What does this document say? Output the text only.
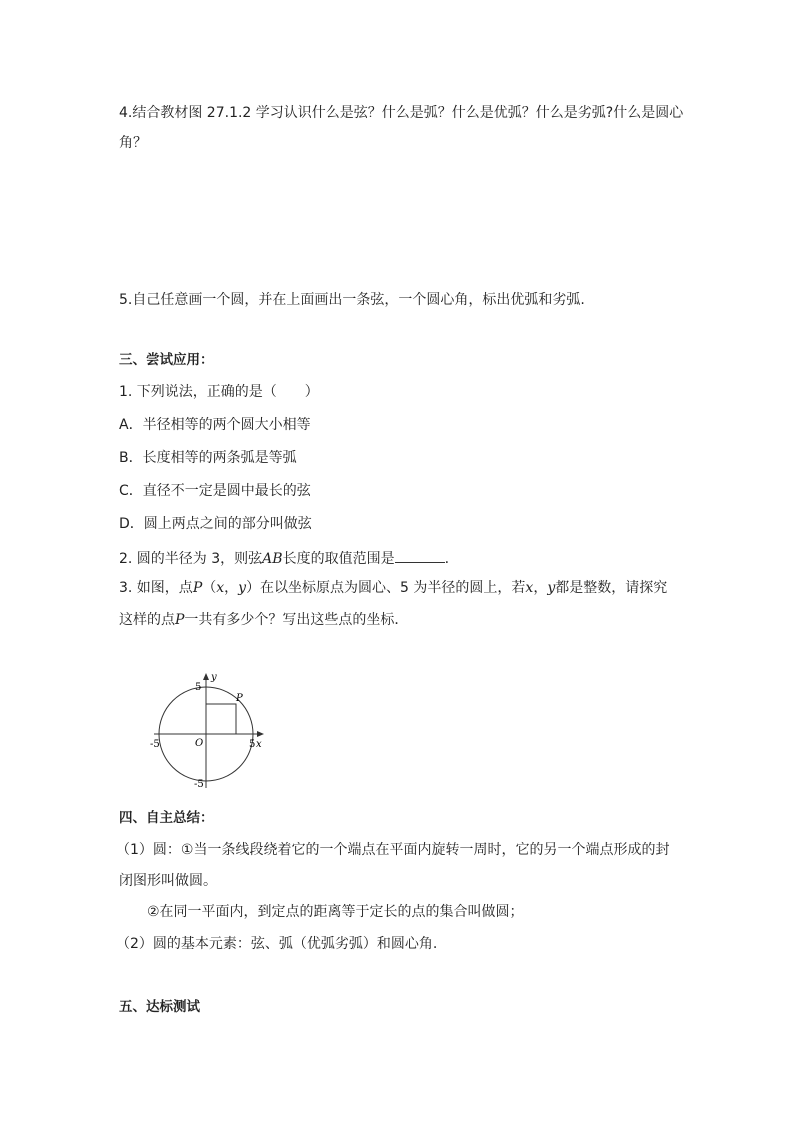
4.结合教材图 27.1.2 学习认识什么是弦？什么是弧？什么是优弧？什么是劣弧?什么是圆心
角？
5.自己任意画一个圆，并在上面画出一条弦，一个圆心角，标出优弧和劣弧.
三、尝试应用：
1. 下列说法，正确的是（　　）
A．半径相等的两个圆大小相等
B．长度相等的两条弧是等弧
C．直径不一定是圆中最长的弦
D．圆上两点之间的部分叫做弦
2. 圆的半径为 3，则弦AB长度的取值范围是	.
3. 如图，点P（x，y）在以坐标原点为圆心、5 为半径的圆上，若x，y都是整数，请探究
这样的点P一共有多少个？写出这些点的坐标．
y
x
O
P
5
-5
-5	5
四、自主总结：
（1）圆：①当一条线段绕着它的一个端点在平面内旋转一周时，它的另一个端点形成的封
闭图形叫做圆。
②在同一平面内，到定点的距离等于定长的点的集合叫做圆；
（2）圆的基本元素：弦、弧（优弧劣弧）和圆心角.
五、达标测试
